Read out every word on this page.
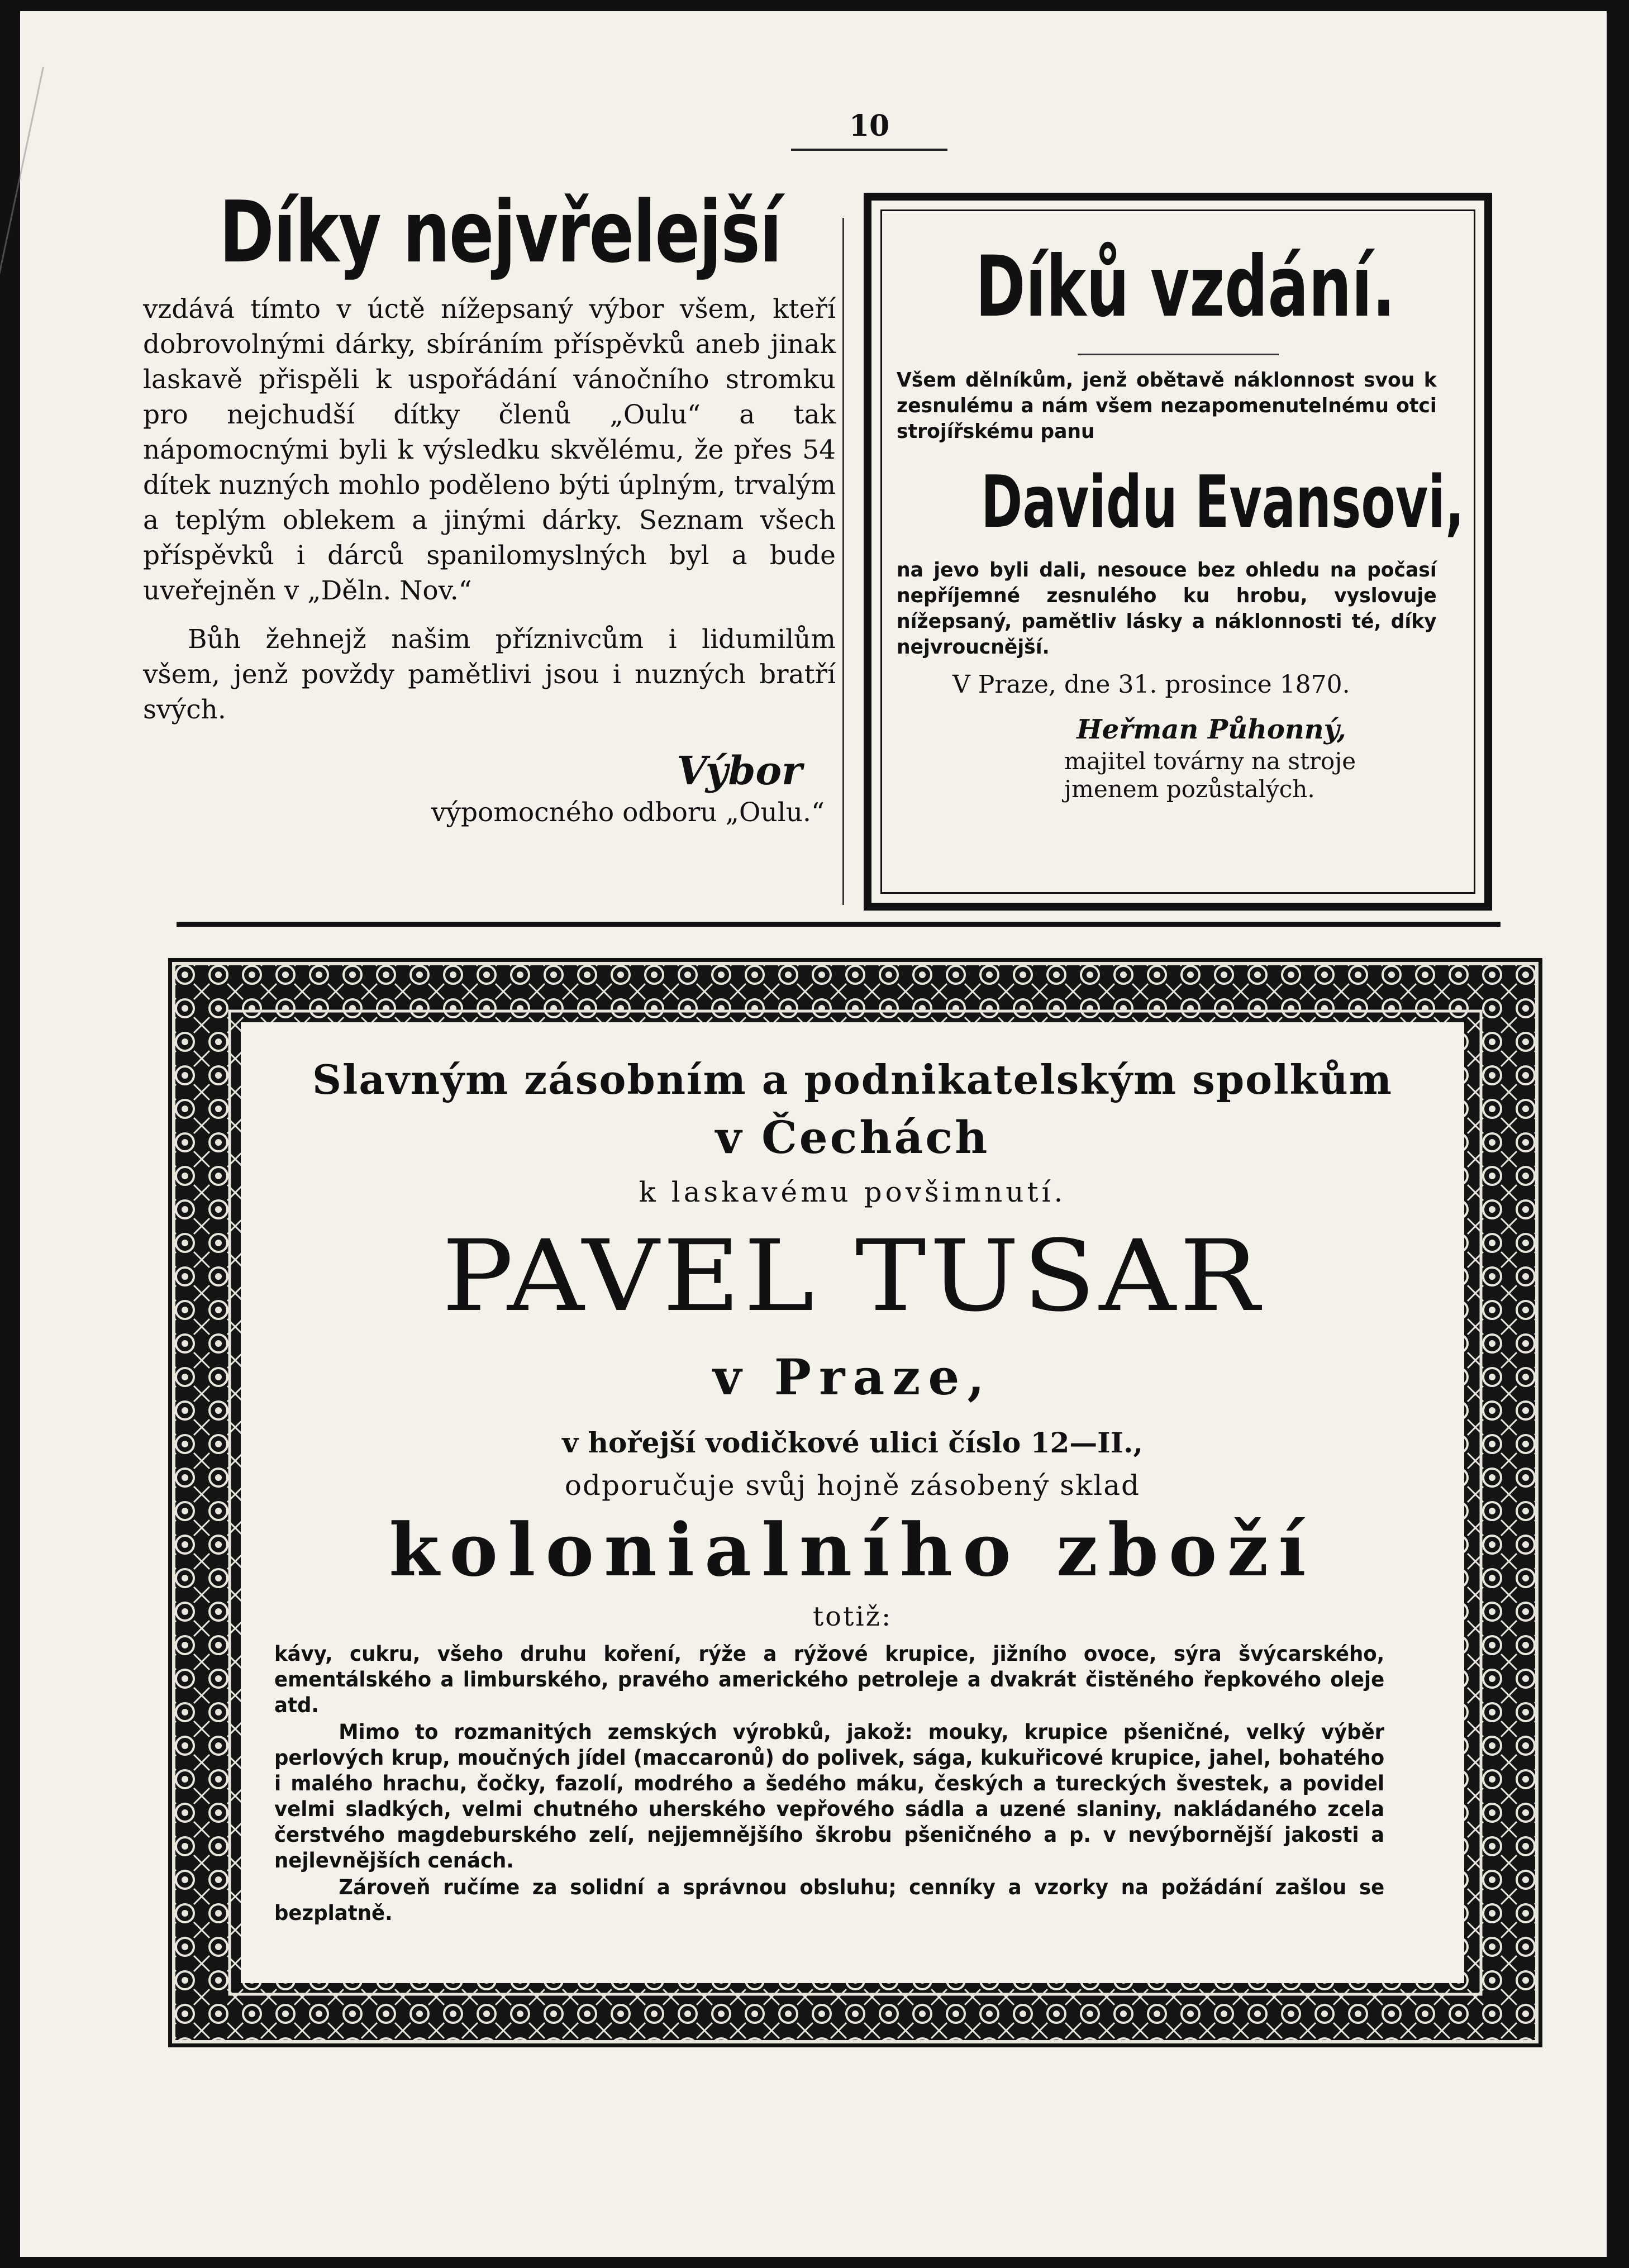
10
Díky nejvřelejší

vzdává tímto v úctě nížepsaný výbor všem, kteří dobrovolnými dárky, sbíráním příspěvků aneb jinak laskavě přispěli k uspořádání vánočního stromku pro nejchudší dítky členů „Oulu“ a tak nápomocnými byli k výsledku skvělému, že přes 54 dítek nuzných mohlo poděleno býti úplným, trvalým a teplým oblekem a jinými dárky. Seznam všech příspěvků i dárců spanilomyslných byl a bude uveřejněn v „Děln. Nov.“

Bůh žehnejž našim příznivcům i lidumilům všem, jenž povždy pamětlivi jsou i nuzných bratří svých.

Výbor
výpomocného odboru „Oulu.“
Díků vzdání.

Všem dělníkům, jenž obětavě náklonnost svou k zesnulému a nám všem nezapomenutelnému otci strojířskému panu

Davidu Evansovi,

na jevo byli dali, nesouce bez ohledu na počasí nepříjemné zesnulého ku hrobu, vyslovuje nížepsaný, pamětliv lásky a náklonnosti té, díky nejvroucnější.

V Praze, dne 31. prosince 1870.
Heřman Půhonný,
majitel továrny na stroje jmenem pozůstalých.
Slavným zásobním a podnikatelským spolkům
v Čechách
k laskavému povšimnutí.
PAVEL TUSAR
v Praze,
v hořejší vodičkové ulici číslo 12—II.,
odporučuje svůj hojně zásobený sklad
kolonialního zboží
totiž:

kávy, cukru, všeho druhu koření, rýže a rýžové krupice, jižního ovoce, sýra švýcarského, ementálského a limburského, pravého amerického petroleje a dvakrát čistěného řepkového oleje atd.

Mimo to rozmanitých zemských výrobků, jakož: mouky, krupice pšeničné, velký výběr perlových krup, moučných jídel (maccaronů) do polivek, sága, kukuřicové krupice, jahel, bohatého i malého hrachu, čočky, fazolí, modrého a šedého máku, českých a tureckých švestek, a povidel velmi sladkých, velmi chutného uherského vepřového sádla a uzené slaniny, nakládaného zcela čerstvého magdeburského zelí, nejjemnějšího škrobu pšeničného a p. v nevýbornější jakosti a nejlevnějších cenách.

Zároveň ručíme za solidní a správnou obsluhu; cenníky a vzorky na požádání zašlou se bezplatně.
